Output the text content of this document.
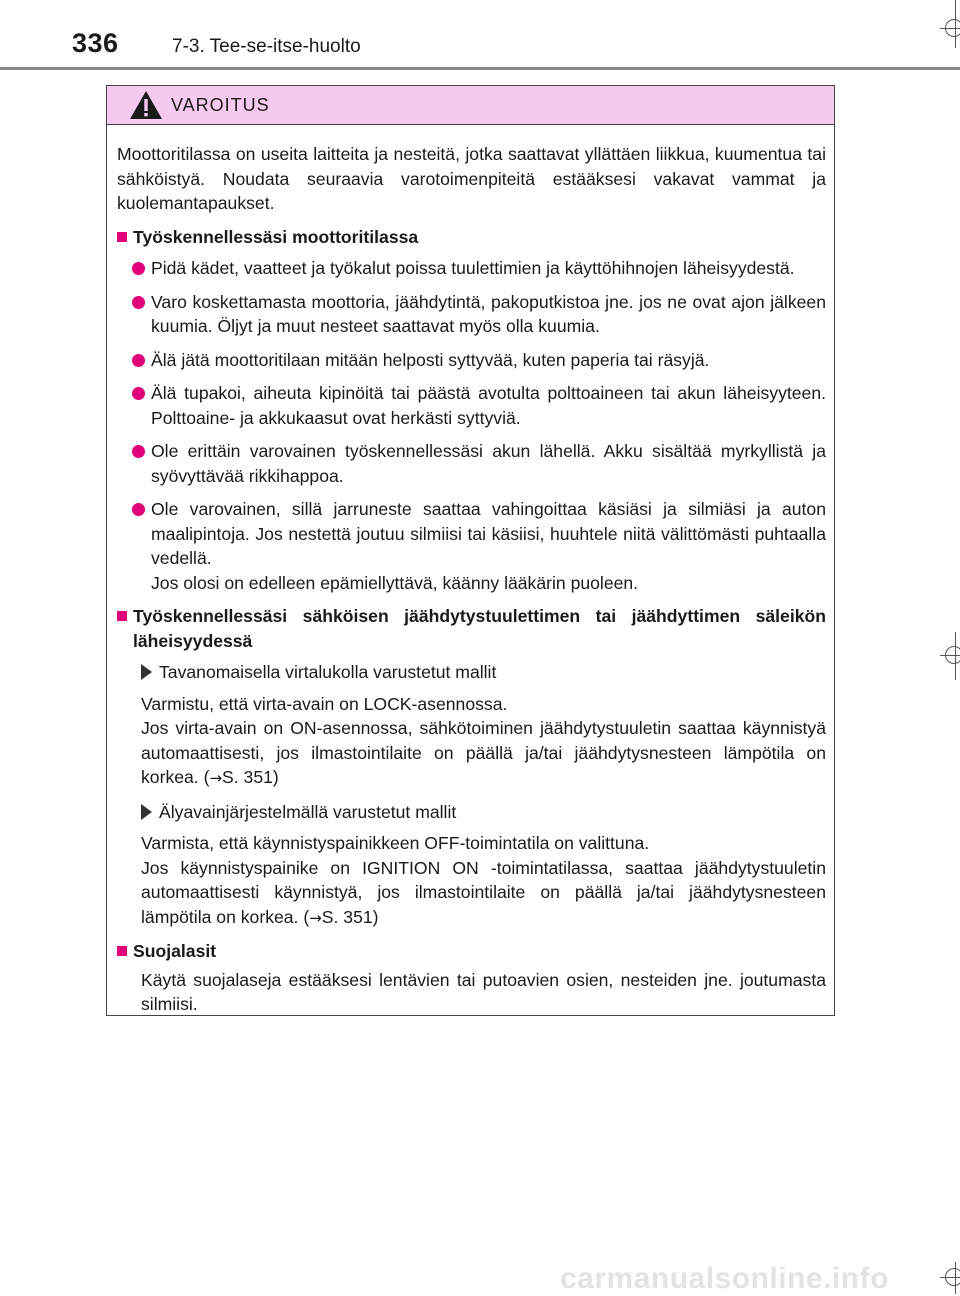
336	7-3. Tee-se-itse-huolto
VAROITUS

Moottoritilassa on useita laitteita ja nesteitä, jotka saattavat yllättäen liikkua, kuumentua tai sähköistyä. Noudata seuraavia varotoimenpiteitä estääksesi vakavat vammat ja kuolemantapaukset.

Työskennellessäsi moottoritilassa

Pidä kädet, vaatteet ja työkalut poissa tuulettimien ja käyttöhihnojen läheisyydestä.

Varo koskettamasta moottoria, jäähdytintä, pakoputkistoa jne. jos ne ovat ajon jälkeen kuumia. Öljyt ja muut nesteet saattavat myös olla kuumia.

Älä jätä moottoritilaan mitään helposti syttyvää, kuten paperia tai räsyjä.

Älä tupakoi, aiheuta kipinöitä tai päästä avotulta polttoaineen tai akun läheisyyteen. Polttoaine- ja akkukaasut ovat herkästi syttyviä.

Ole erittäin varovainen työskennellessäsi akun lähellä. Akku sisältää myrkyllistä ja syövyttävää rikkihappoa.

Ole varovainen, sillä jarruneste saattaa vahingoittaa käsiäsi ja silmiäsi ja auton maalipintoja. Jos nestettä joutuu silmiisi tai käsiisi, huuhtele niitä välittömästi puhtaalla vedellä.

Jos olosi on edelleen epämiellyttävä, käänny lääkärin puoleen.

Työskennellessäsi sähköisen jäähdytystuulettimen tai jäähdyttimen säleikön läheisyydessä
Tavanomaisella virtalukolla varustetut mallit

Varmistu, että virta-avain on LOCK-asennossa.

Jos virta-avain on ON-asennossa, sähkötoiminen jäähdytystuuletin saattaa käynnistyä automaattisesti, jos ilmastointilaite on päällä ja/tai jäähdytysnesteen lämpötila on korkea. (→S. 351)

Älyavainjärjestelmällä varustetut mallit

Varmista, että käynnistyspainikkeen OFF-toimintatila on valittuna.

Jos käynnistyspainike on IGNITION ON -toimintatilassa, saattaa jäähdytystuuletin automaattisesti käynnistyä, jos ilmastointilaite on päällä ja/tai jäähdytysnesteen lämpötila on korkea. (→S. 351)

Suojalasit

Käytä suojalaseja estääksesi lentävien tai putoavien osien, nesteiden jne. joutumasta silmiisi.

carmanualsonline.info
